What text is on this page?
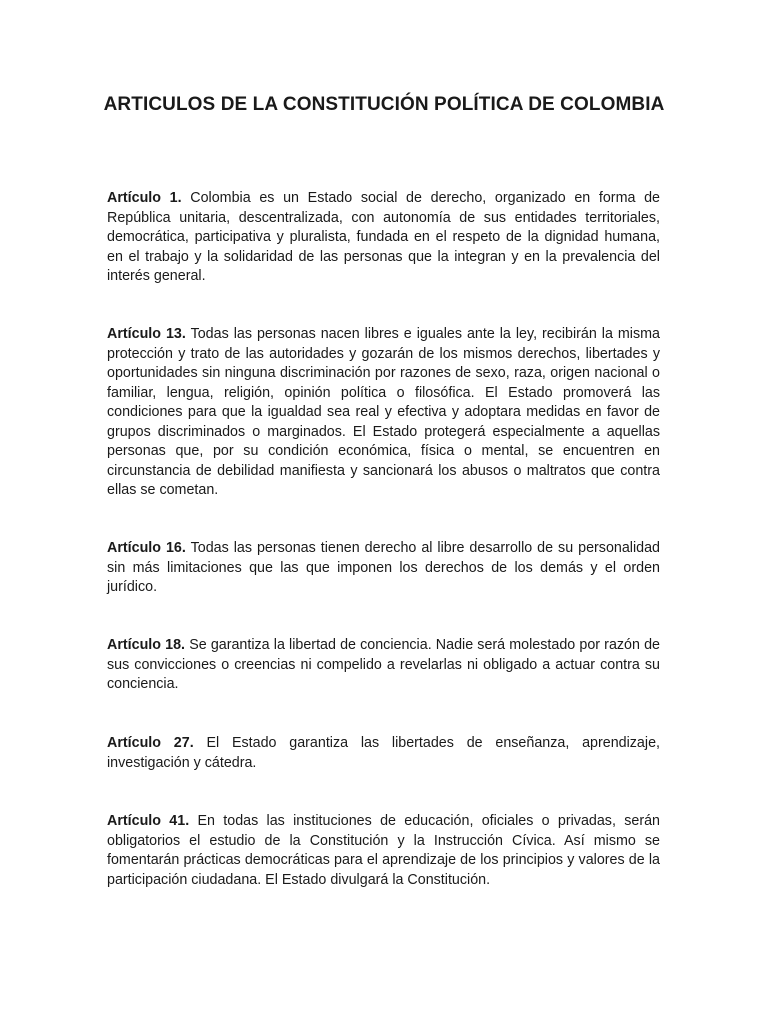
ARTICULOS DE LA CONSTITUCIÓN POLÍTICA DE COLOMBIA

Artículo 1. Colombia es un Estado social de derecho, organizado en forma de República unitaria, descentralizada, con autonomía de sus entidades territoriales, democrática, participativa y pluralista, fundada en el respeto de la dignidad humana, en el trabajo y la solidaridad de las personas que la integran y en la prevalencia del interés general.

Artículo 13. Todas las personas nacen libres e iguales ante la ley, recibirán la misma protección y trato de las autoridades y gozarán de los mismos derechos, libertades y oportunidades sin ninguna discriminación por razones de sexo, raza, origen nacional o familiar, lengua, religión, opinión política o filosófica. El Estado promoverá las condiciones para que la igualdad sea real y efectiva y adoptara medidas en favor de grupos discriminados o marginados. El Estado protegerá especialmente a aquellas personas que, por su condición económica, física o mental, se encuentren en circunstancia de debilidad manifiesta y sancionará los abusos o maltratos que contra ellas se cometan.

Artículo 16. Todas las personas tienen derecho al libre desarrollo de su personalidad sin más limitaciones que las que imponen los derechos de los demás y el orden jurídico.

Artículo 18. Se garantiza la libertad de conciencia. Nadie será molestado por razón de sus convicciones o creencias ni compelido a revelarlas ni obligado a actuar contra su conciencia.

Artículo 27. El Estado garantiza las libertades de enseñanza, aprendizaje, investigación y cátedra.

Artículo 41. En todas las instituciones de educación, oficiales o privadas, serán obligatorios el estudio de la Constitución y la Instrucción Cívica. Así mismo se fomentarán prácticas democráticas para el aprendizaje de los principios y valores de la participación ciudadana. El Estado divulgará la Constitución.
